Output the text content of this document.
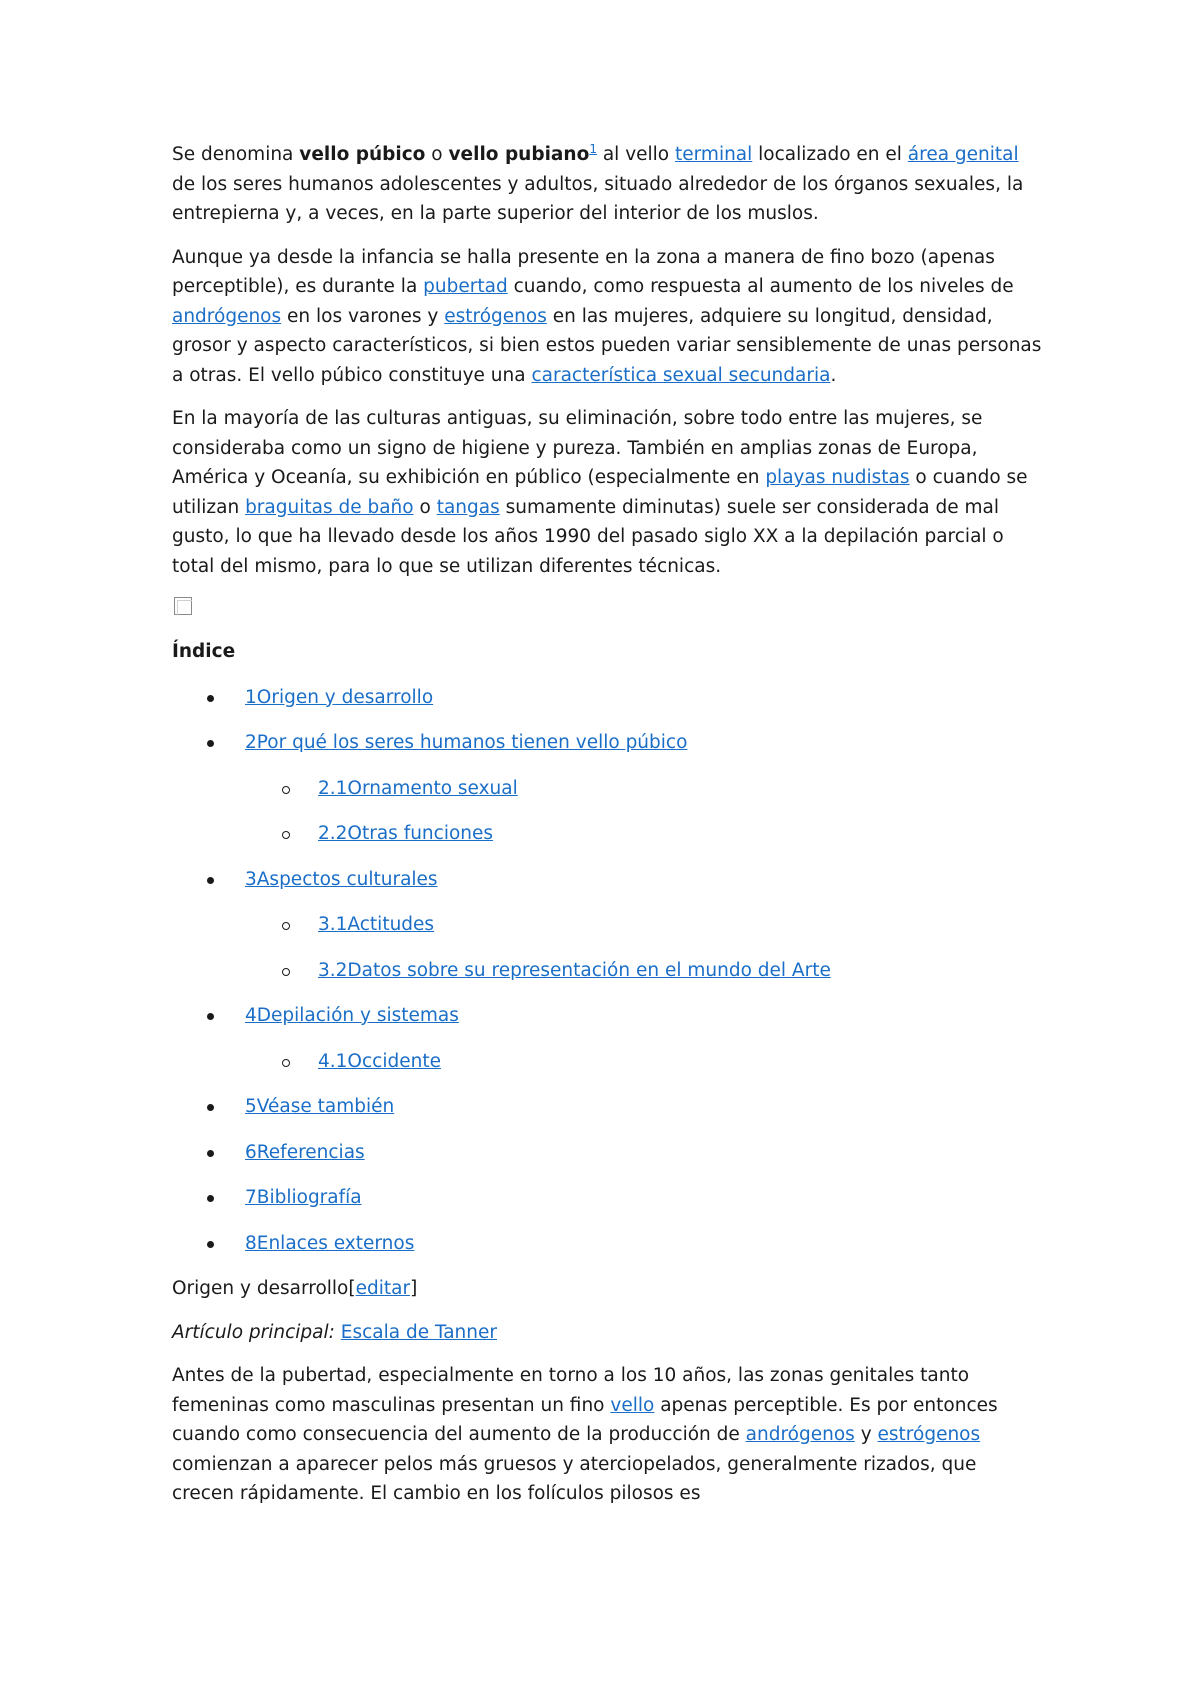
Se denomina vello púbico o vello pubiano$^1$ al vello terminal localizado en el área genital de los seres humanos adolescentes y adultos, situado alrededor de los órganos sexuales, la entrepierna y, a veces, en la parte superior del interior de los muslos.

Aunque ya desde la infancia se halla presente en la zona a manera de fino bozo (apenas perceptible), es durante la pubertad cuando, como respuesta al aumento de los niveles de andrógenos en los varones y estrógenos en las mujeres, adquiere su longitud, densidad, grosor y aspecto característicos, si bien estos pueden variar sensiblemente de unas personas a otras. El vello púbico constituye una característica sexual secundaria.

En la mayoría de las culturas antiguas, su eliminación, sobre todo entre las mujeres, se consideraba como un signo de higiene y pureza. También en amplias zonas de Europa, América y Oceanía, su exhibición en público (especialmente en playas nudistas o cuando se utilizan braguitas de baño o tangas sumamente diminutas) suele ser considerada de mal gusto, lo que ha llevado desde los años 1990 del pasado siglo XX a la depilación parcial o total del mismo, para lo que se utilizan diferentes técnicas.

Índice

1Origen y desarrollo
2Por qué los seres humanos tienen vello púbico
2.1Ornamento sexual
2.2Otras funciones
3Aspectos culturales
3.1Actitudes
3.2Datos sobre su representación en el mundo del Arte
4Depilación y sistemas
4.1Occidente
5Véase también
6Referencias
7Bibliografía
8Enlaces externos

Origen y desarrollo[editar]

Artículo principal: Escala de Tanner

Antes de la pubertad, especialmente en torno a los 10 años, las zonas genitales tanto femeninas como masculinas presentan un fino vello apenas perceptible. Es por entonces cuando como consecuencia del aumento de la producción de andrógenos y estrógenos comienzan a aparecer pelos más gruesos y aterciopelados, generalmente rizados, que crecen rápidamente. El cambio en los folículos pilosos es
